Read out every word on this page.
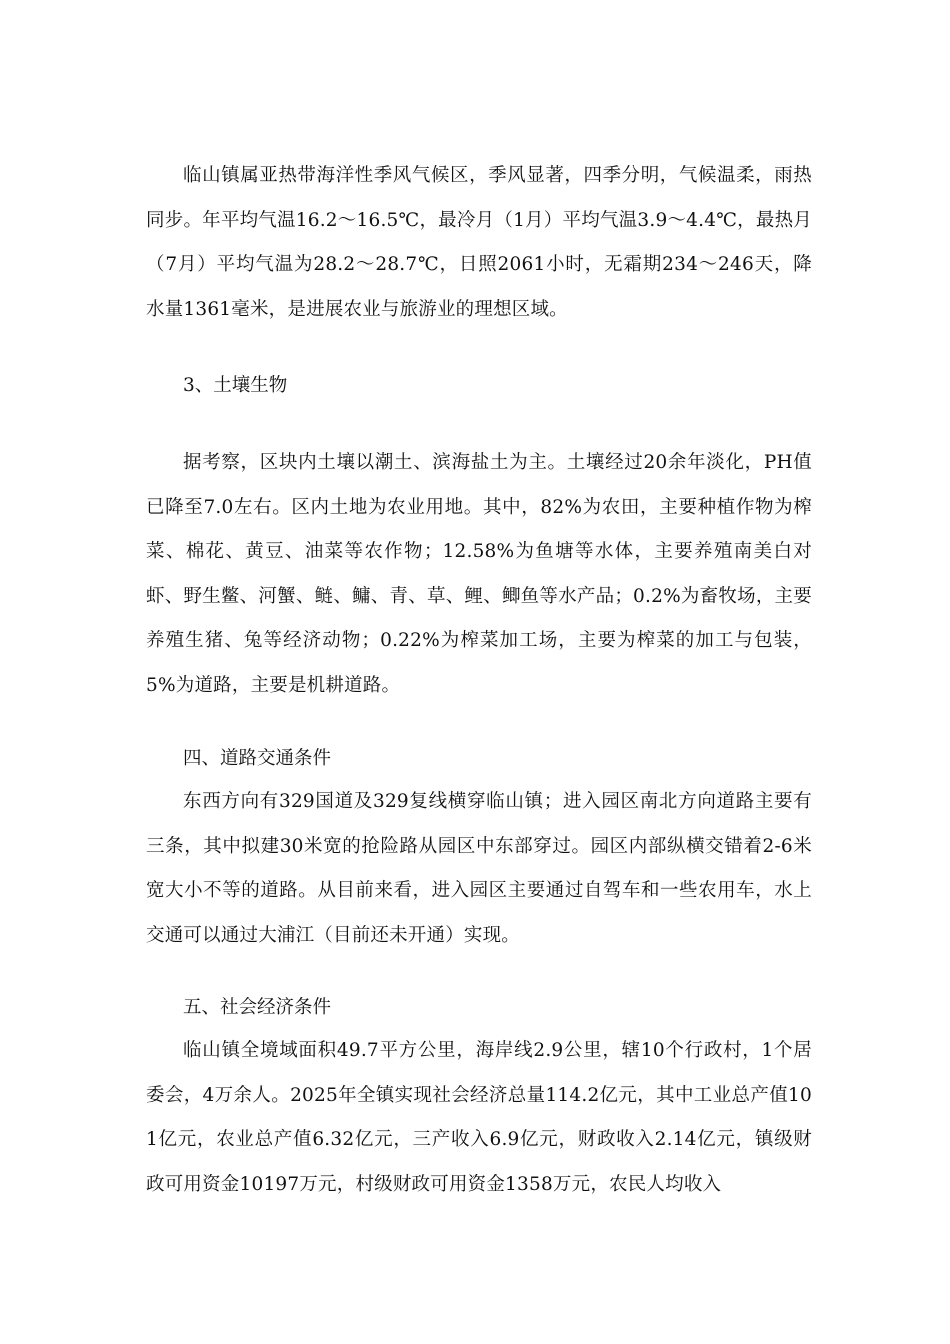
临山镇属亚热带海洋性季风气候区，季风显著，四季分明，气候温柔，雨热同步。年平均气温16.2～16.5℃，最冷月（1月）平均气温3.9～4.4℃，最热月（7月）平均气温为28.2～28.7℃，日照2061小时，无霜期234～246天，降水量1361毫米，是进展农业与旅游业的理想区域。

3、土壤生物

据考察，区块内土壤以潮土、滨海盐土为主。土壤经过20余年淡化，PH值已降至7.0左右。区内土地为农业用地。其中，82%为农田，主要种植作物为榨菜、棉花、黄豆、油菜等农作物；12.58%为鱼塘等水体，主要养殖南美白对虾、野生鳖、河蟹、鲢、鳙、青、草、鲤、鲫鱼等水产品；0.2%为畜牧场，主要养殖生猪、兔等经济动物；0.22%为榨菜加工场，主要为榨菜的加工与包装，5%为道路，主要是机耕道路。

四、道路交通条件

东西方向有329国道及329复线横穿临山镇；进入园区南北方向道路主要有三条，其中拟建30米宽的抢险路从园区中东部穿过。园区内部纵横交错着2-6米宽大小不等的道路。从目前来看，进入园区主要通过自驾车和一些农用车，水上交通可以通过大浦江（目前还未开通）实现。

五、社会经济条件

临山镇全境域面积49.7平方公里，海岸线2.9公里，辖10个行政村，1个居委会，4万余人。2025年全镇实现社会经济总量114.2亿元，其中工业总产值101亿元，农业总产值6.32亿元，三产收入6.9亿元，财政收入2.14亿元，镇级财政可用资金10197万元，村级财政可用资金1358万元，农民人均收入
